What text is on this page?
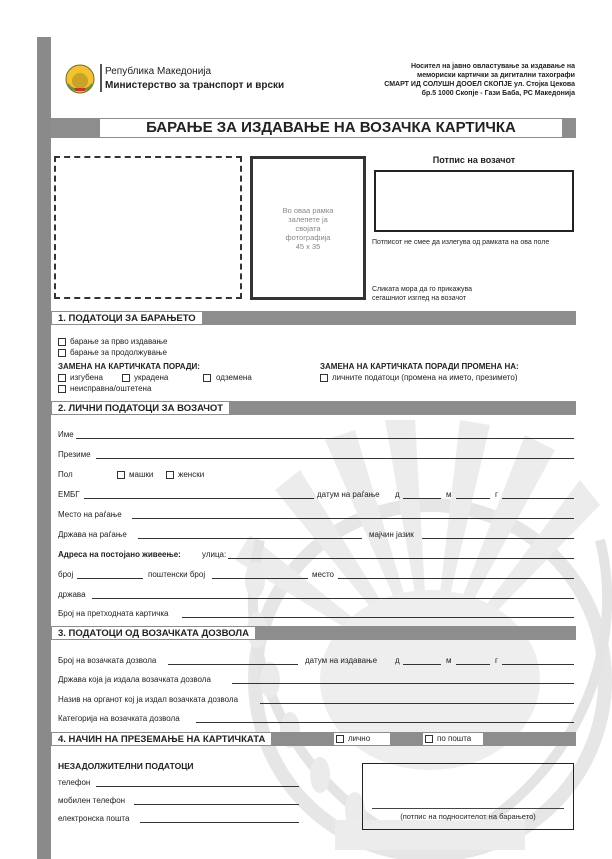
Република Македонија
Министерство за транспорт и врски
Носител на јавно овластување за издавање на
мемориски картички за дигитални тахографи
СМАРТ ИД СОЛУШН ДООЕЛ СКОПЈЕ ул. Стојка Цекова
бр.5 1000 Скопје - Гази Баба, РС Македонија
БАРАЊЕ ЗА ИЗДАВАЊЕ НА ВОЗАЧКА КАРТИЧКА
Во оваа рамка
залепете ја
својата
фотографија
45 x 35
Потпис на возачот
Потписот не смее да излегува од рамката на ова поле
Сликата мора да го прикажува
сегашниот изглед на возачот
1. ПОДАТОЦИ ЗА БАРАЊЕТО
барање за прво издавање
барање за продолжување
ЗАМЕНА НА КАРТИЧКАТА ПОРАДИ:
изгубена	украдена	одземена
неисправна/оштетена
ЗАМЕНА НА КАРТИЧКАТА ПОРАДИ ПРОМЕНА НА:
личните податоци (промена на името, презимето)
2. ЛИЧНИ ПОДАТОЦИ ЗА ВОЗАЧОТ
Име
Презиме
Пол	машки	женски
ЕМБГ	датум на раѓање д	м	г
Место на раѓање
Држава на раѓање	мајчин јазик
Адреса на постојано живеење:	улица:
број	поштенски број	место
држава
Број на претходната картичка
3. ПОДАТОЦИ ОД ВОЗАЧКАТА ДОЗВОЛА
Број на возачката дозвола	датум на издавање д	м	г
Држава која ја издала возачката дозвола
Назив на органот кој ја издал возачката дозвола
Категорија на возачката дозвола
4. НАЧИН НА ПРЕЗЕМАЊЕ НА КАРТИЧКАТА	лично	по пошта
НЕЗАДОЛЖИТЕЛНИ ПОДАТОЦИ
телефон
мобилен телефон
електронска пошта	(потпис на подносителот на барањето)
